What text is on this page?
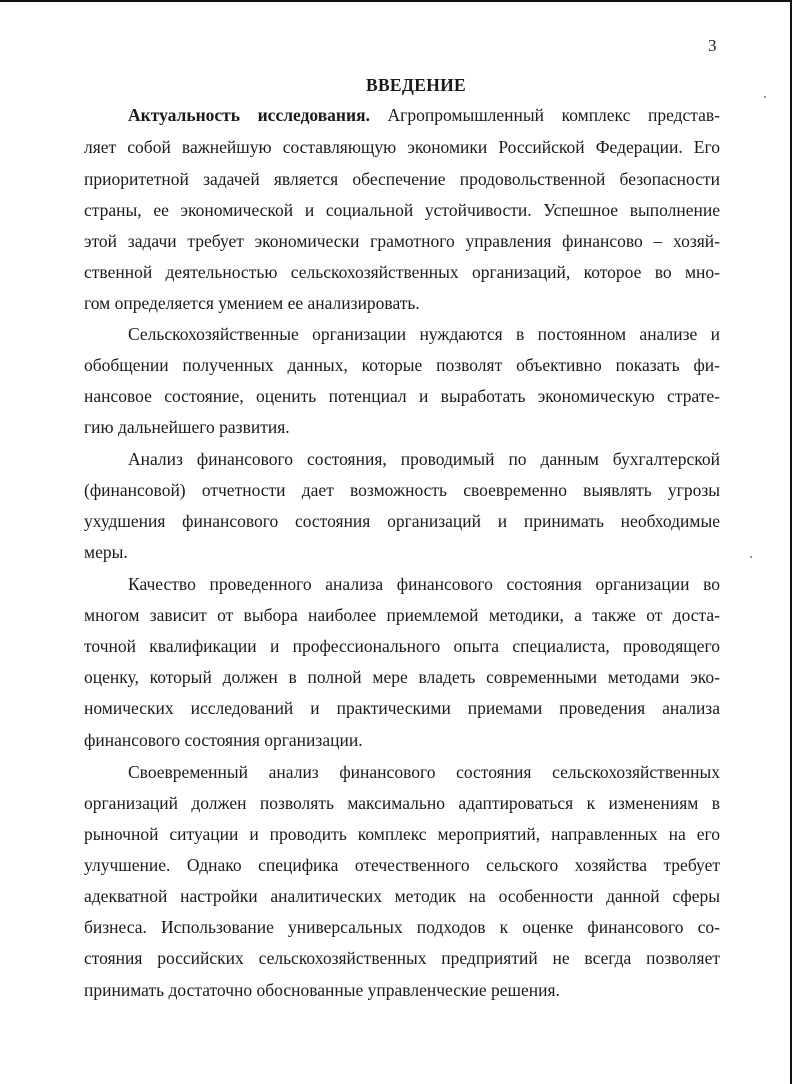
3
ВВЕДЕНИЕ
Актуальность исследования. Агропромышленный комплекс представ-
ляет собой важнейшую составляющую экономики Российской Федерации. Его
приоритетной задачей является обеспечение продовольственной безопасности
страны, ее экономической и социальной устойчивости. Успешное выполнение
этой задачи требует экономически грамотного управления финансово – хозяй-
ственной деятельностью сельскохозяйственных организаций, которое во мно-
гом определяется умением ее анализировать.
Сельскохозяйственные организации нуждаются в постоянном анализе и
обобщении полученных данных, которые позволят объективно показать фи-
нансовое состояние, оценить потенциал и выработать экономическую страте-
гию дальнейшего развития.
Анализ финансового состояния, проводимый по данным бухгалтерской
(финансовой) отчетности дает возможность своевременно выявлять угрозы
ухудшения финансового состояния организаций и принимать необходимые
меры.
Качество проведенного анализа финансового состояния организации во
многом зависит от выбора наиболее приемлемой методики, а также от доста-
точной квалификации и профессионального опыта специалиста, проводящего
оценку, который должен в полной мере владеть современными методами эко-
номических исследований и практическими приемами проведения анализа
финансового состояния организации.
Своевременный анализ финансового состояния сельскохозяйственных
организаций должен позволять максимально адаптироваться к изменениям в
рыночной ситуации и проводить комплекс мероприятий, направленных на его
улучшение. Однако специфика отечественного сельского хозяйства требует
адекватной настройки аналитических методик на особенности данной сферы
бизнеса. Использование универсальных подходов к оценке финансового со-
стояния российских сельскохозяйственных предприятий не всегда позволяет
принимать достаточно обоснованные управленческие решения.
